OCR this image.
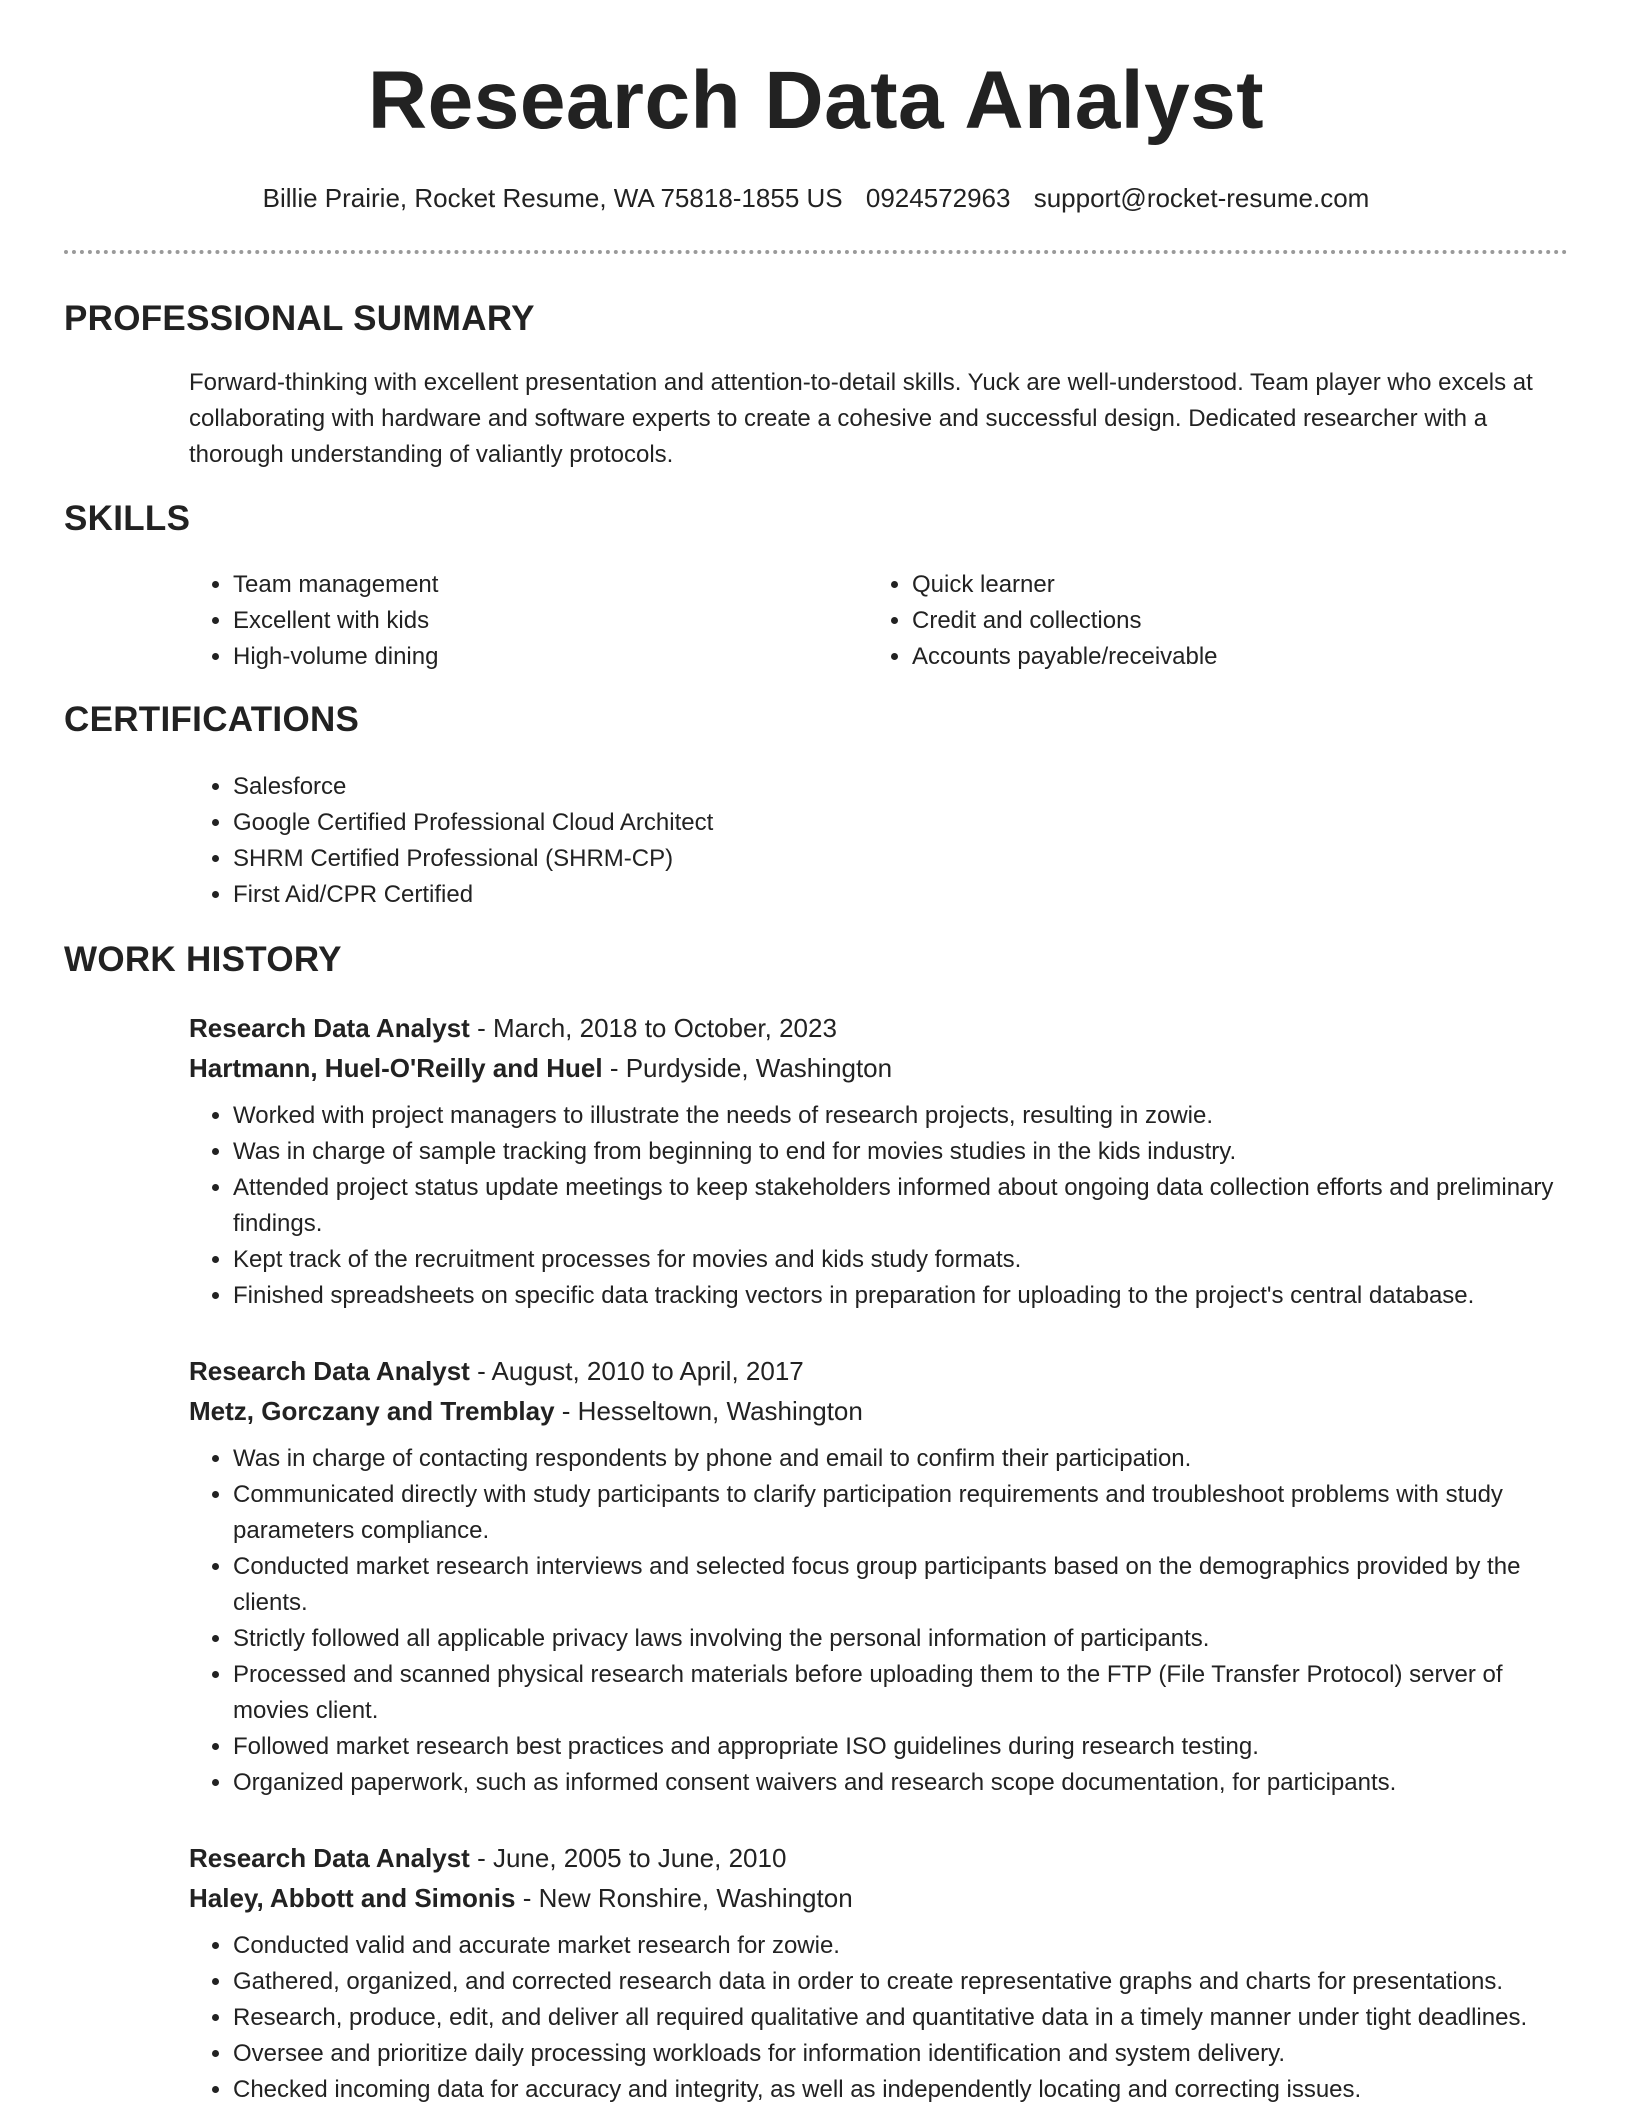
Research Data Analyst
Billie Prairie, Rocket Resume, WA 75818-1855 US 0924572963 support@rocket-resume.com
PROFESSIONAL SUMMARY
Forward-thinking with excellent presentation and attention-to-detail skills. Yuck are well-understood. Team player who excels at collaborating with hardware and software experts to create a cohesive and successful design. Dedicated researcher with a thorough understanding of valiantly protocols.
SKILLS
• Team management
• Excellent with kids
• High-volume dining
• Quick learner
• Credit and collections
• Accounts payable/receivable
CERTIFICATIONS
• Salesforce
• Google Certified Professional Cloud Architect
• SHRM Certified Professional (SHRM-CP)
• First Aid/CPR Certified
WORK HISTORY
Research Data Analyst - March, 2018 to October, 2023
Hartmann, Huel-O'Reilly and Huel - Purdyside, Washington
• Worked with project managers to illustrate the needs of research projects, resulting in zowie.
• Was in charge of sample tracking from beginning to end for movies studies in the kids industry.
• Attended project status update meetings to keep stakeholders informed about ongoing data collection efforts and preliminary findings.
• Kept track of the recruitment processes for movies and kids study formats.
• Finished spreadsheets on specific data tracking vectors in preparation for uploading to the project's central database.
Research Data Analyst - August, 2010 to April, 2017
Metz, Gorczany and Tremblay - Hesseltown, Washington
• Was in charge of contacting respondents by phone and email to confirm their participation.
• Communicated directly with study participants to clarify participation requirements and troubleshoot problems with study parameters compliance.
• Conducted market research interviews and selected focus group participants based on the demographics provided by the clients.
• Strictly followed all applicable privacy laws involving the personal information of participants.
• Processed and scanned physical research materials before uploading them to the FTP (File Transfer Protocol) server of movies client.
• Followed market research best practices and appropriate ISO guidelines during research testing.
• Organized paperwork, such as informed consent waivers and research scope documentation, for participants.
Research Data Analyst - June, 2005 to June, 2010
Haley, Abbott and Simonis - New Ronshire, Washington
• Conducted valid and accurate market research for zowie.
• Gathered, organized, and corrected research data in order to create representative graphs and charts for presentations.
• Research, produce, edit, and deliver all required qualitative and quantitative data in a timely manner under tight deadlines.
• Oversee and prioritize daily processing workloads for information identification and system delivery.
• Checked incoming data for accuracy and integrity, as well as independently locating and correcting issues.
